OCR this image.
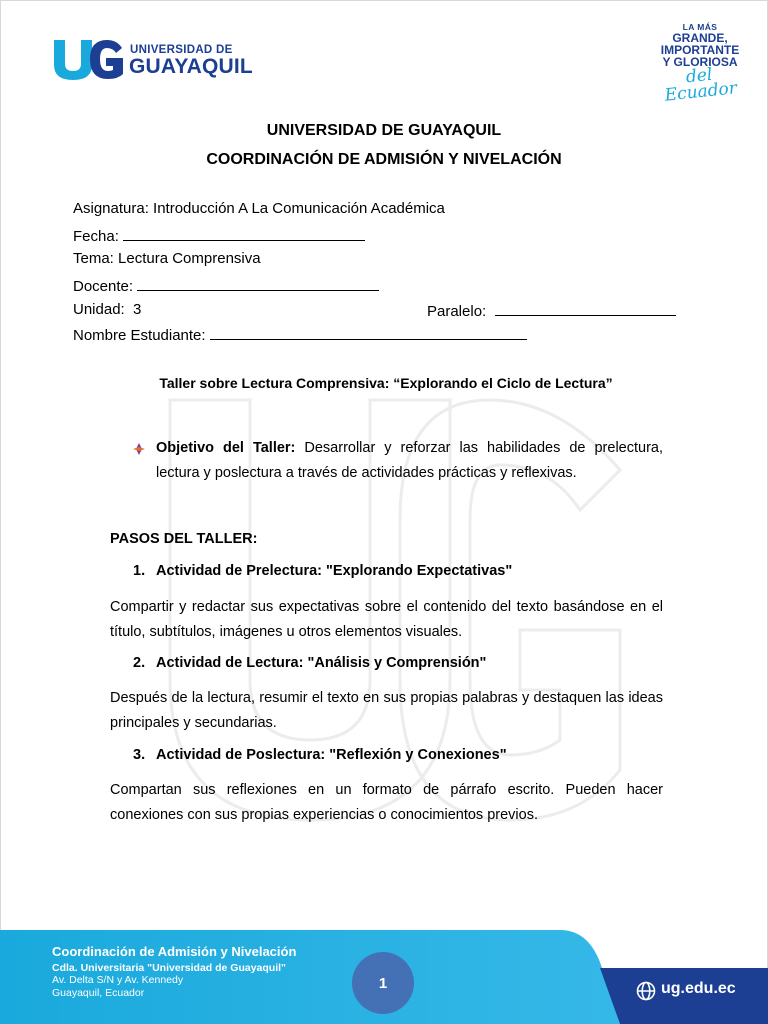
UNIVERSIDAD DE
GUAYAQUIL
LA MÁS
GRANDE,
IMPORTANTE
Y GLORIOSA
del Ecuador
UNIVERSIDAD DE GUAYAQUIL
COORDINACIÓN DE ADMISIÓN Y NIVELACIÓN
Asignatura: Introducción A La Comunicación Académica
Fecha:
Tema: Lectura Comprensiva
Docente:
Unidad:  3	Paralelo:
Nombre Estudiante:
Taller sobre Lectura Comprensiva: “Explorando el Ciclo de Lectura”
Objetivo del Taller: Desarrollar y reforzar las habilidades de prelectura, lectura y poslectura a través de actividades prácticas y reflexivas.
PASOS DEL TALLER:
1. Actividad de Prelectura: "Explorando Expectativas"
Compartir y redactar sus expectativas sobre el contenido del texto basándose en el título, subtítulos, imágenes u otros elementos visuales.
2. Actividad de Lectura: "Análisis y Comprensión"
Después de la lectura, resumir el texto en sus propias palabras y destaquen las ideas principales y secundarias.
3. Actividad de Poslectura: "Reflexión y Conexiones"
Compartan sus reflexiones en un formato de párrafo escrito. Pueden hacer conexiones con sus propias experiencias o conocimientos previos.
Coordinación de Admisión y Nivelación
Cdla. Universitaria "Universidad de Guayaquil"
Av. Delta S/N y Av. Kennedy
Guayaquil, Ecuador
1	ug.edu.ec
